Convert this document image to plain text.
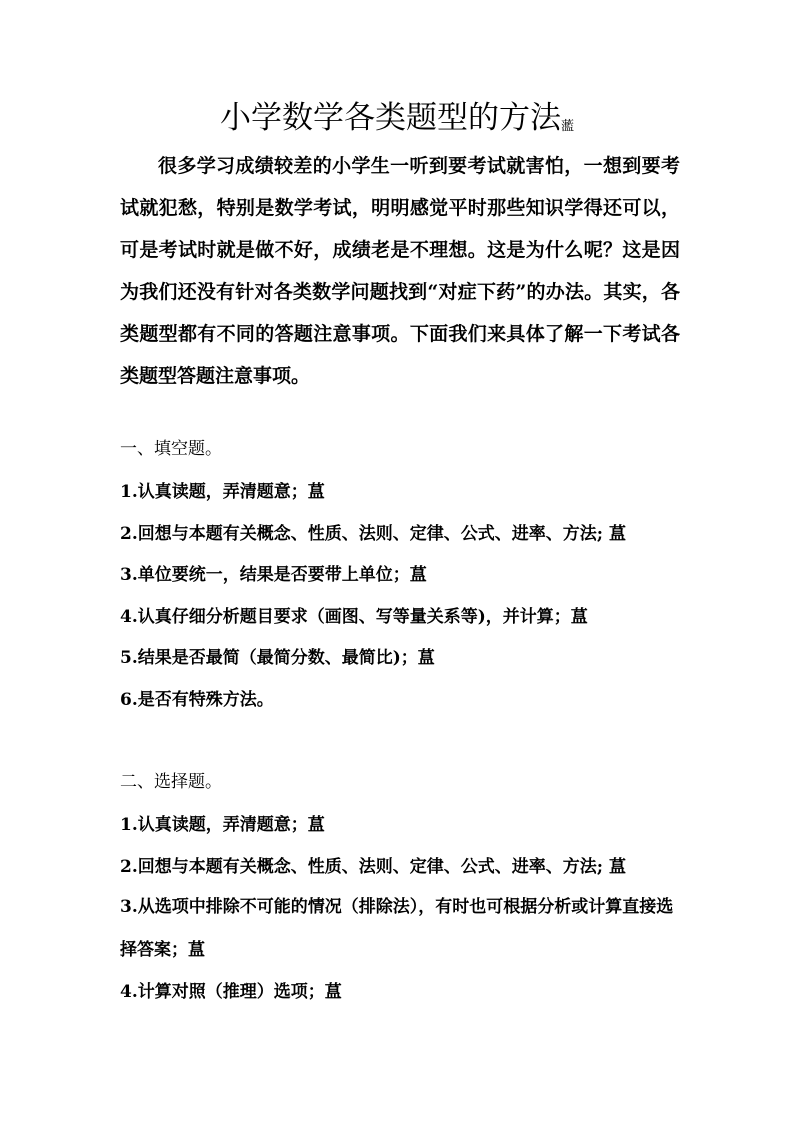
小学数学各类题型的方法蘫

很多学习成绩较差的小学生一听到要考试就害怕，一想到要考试就犯愁，特别是数学考试，明明感觉平时那些知识学得还可以，可是考试时就是做不好，成绩老是不理想。这是为什么呢？这是因为我们还没有针对各类数学问题找到“对症下药”的办法。其实，各类题型都有不同的答题注意事项。下面我们来具体了解一下考试各类题型答题注意事项。

一、填空题。
1.认真读题，弄清题意；蒀
2.回想与本题有关概念、性质、法则、定律、公式、进率、方法; 蒀
3.单位要统一，结果是否要带上单位；蒀
4.认真仔细分析题目要求（画图、写等量关系等)，并计算；蒀
5.结果是否最简（最简分数、最简比)；蒀
6.是否有特殊方法。
二、选择题。
1.认真读题，弄清题意；蒀
2.回想与本题有关概念、性质、法则、定律、公式、进率、方法; 蒀
3.从选项中排除不可能的情况（排除法），有时也可根据分析或计算直接选择答案；蒀
4.计算对照（推理）选项；蒀
